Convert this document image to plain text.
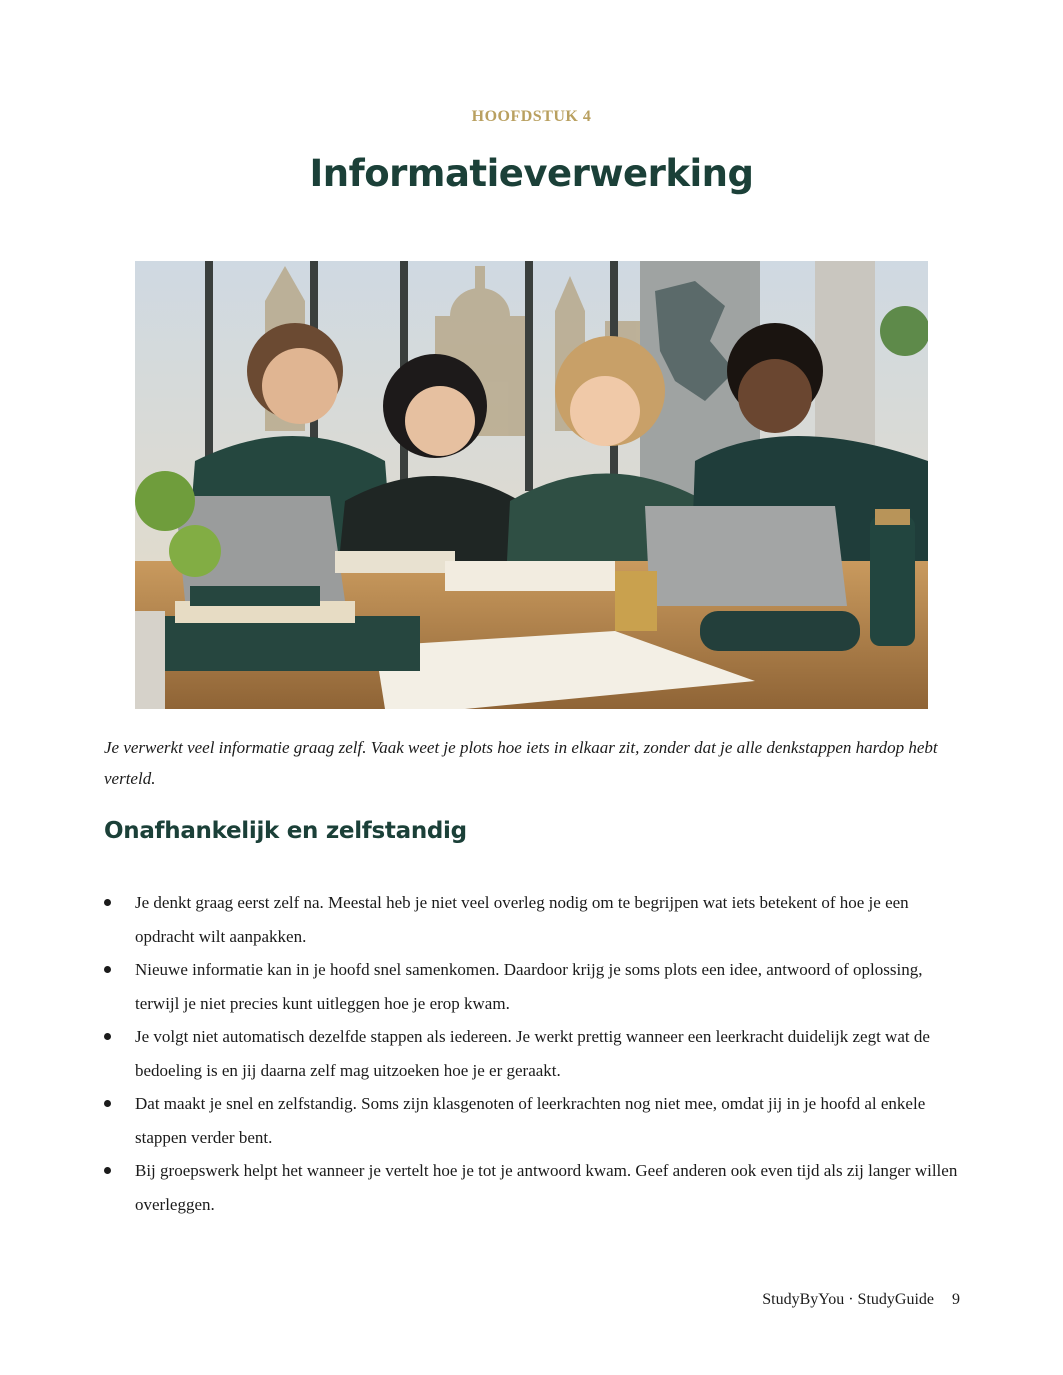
HOOFDSTUK 4
Informatieverwerking

Je verwerkt veel informatie graag zelf. Vaak weet je plots hoe iets in elkaar zit, zonder dat je alle denkstappen hardop hebt verteld.

Onafhankelijk en zelfstandig
Je denkt graag eerst zelf na. Meestal heb je niet veel overleg nodig om te begrijpen wat iets betekent of hoe je een opdracht wilt aanpakken.
Nieuwe informatie kan in je hoofd snel samenkomen. Daardoor krijg je soms plots een idee, antwoord of oplossing, terwijl je niet precies kunt uitleggen hoe je erop kwam.
Je volgt niet automatisch dezelfde stappen als iedereen. Je werkt prettig wanneer een leerkracht duidelijk zegt wat de bedoeling is en jij daarna zelf mag uitzoeken hoe je er geraakt.
Dat maakt je snel en zelfstandig. Soms zijn klasgenoten of leerkrachten nog niet mee, omdat jij in je hoofd al enkele stappen verder bent.
Bij groepswerk helpt het wanneer je vertelt hoe je tot je antwoord kwam. Geef anderen ook even tijd als zij langer willen overleggen.
StudyByYou · StudyGuide 9
